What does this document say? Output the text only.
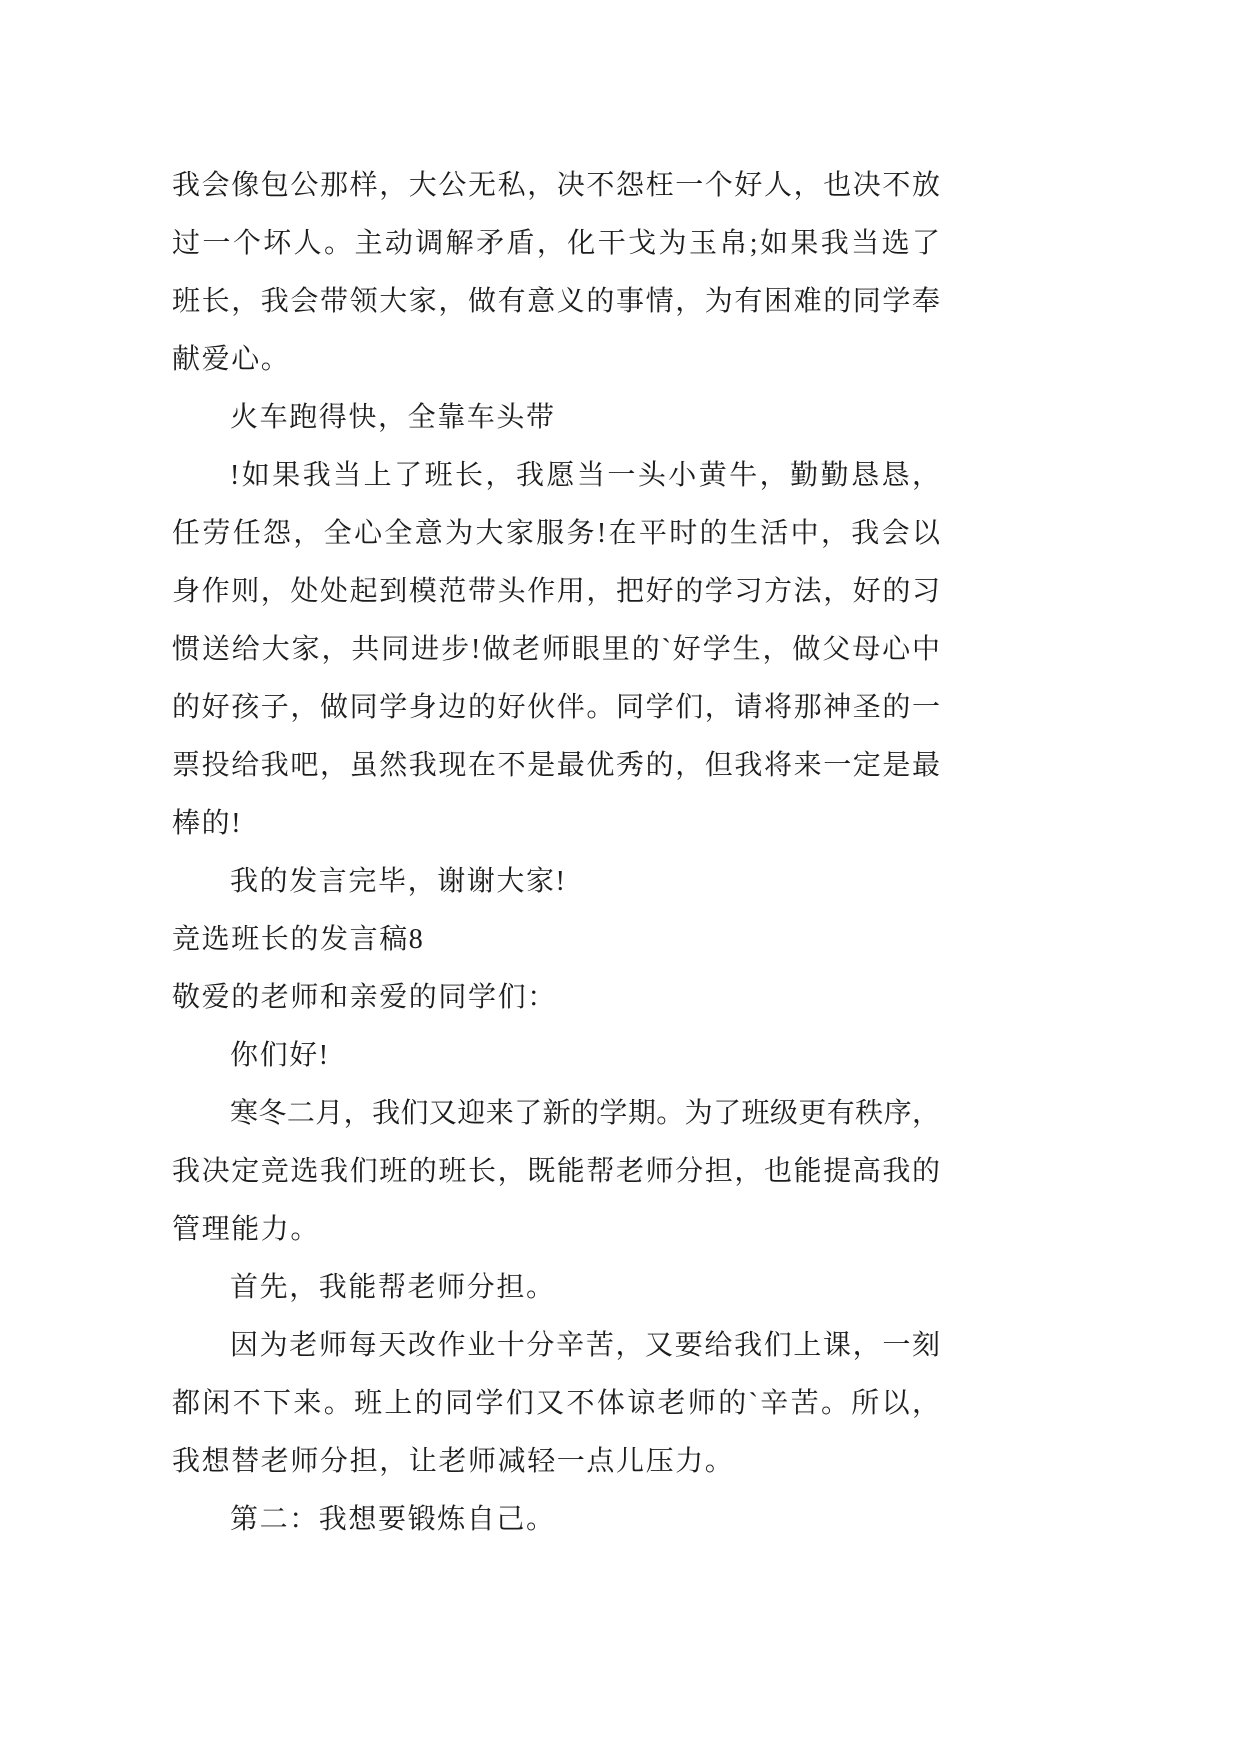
我会像包公那样，大公无私，决不怨枉一个好人，也决不放
过一个坏人。主动调解矛盾，化干戈为玉帛;如果我当选了
班长，我会带领大家，做有意义的事情，为有困难的同学奉
献爱心。
火车跑得快，全靠车头带
!如果我当上了班长，我愿当一头小黄牛，勤勤恳恳，
任劳任怨，全心全意为大家服务!在平时的生活中，我会以
身作则，处处起到模范带头作用，把好的学习方法，好的习
惯送给大家，共同进步!做老师眼里的`好学生，做父母心中
的好孩子，做同学身边的好伙伴。同学们，请将那神圣的一
票投给我吧，虽然我现在不是最优秀的，但我将来一定是最
棒的!
我的发言完毕，谢谢大家!
竞选班长的发言稿8
敬爱的老师和亲爱的同学们：
你们好!
寒冬二月，我们又迎来了新的学期。为了班级更有秩序，
我决定竞选我们班的班长，既能帮老师分担，也能提高我的
管理能力。
首先，我能帮老师分担。
因为老师每天改作业十分辛苦，又要给我们上课，一刻
都闲不下来。班上的同学们又不体谅老师的`辛苦。所以，
我想替老师分担，让老师减轻一点儿压力。
第二：我想要锻炼自己。
